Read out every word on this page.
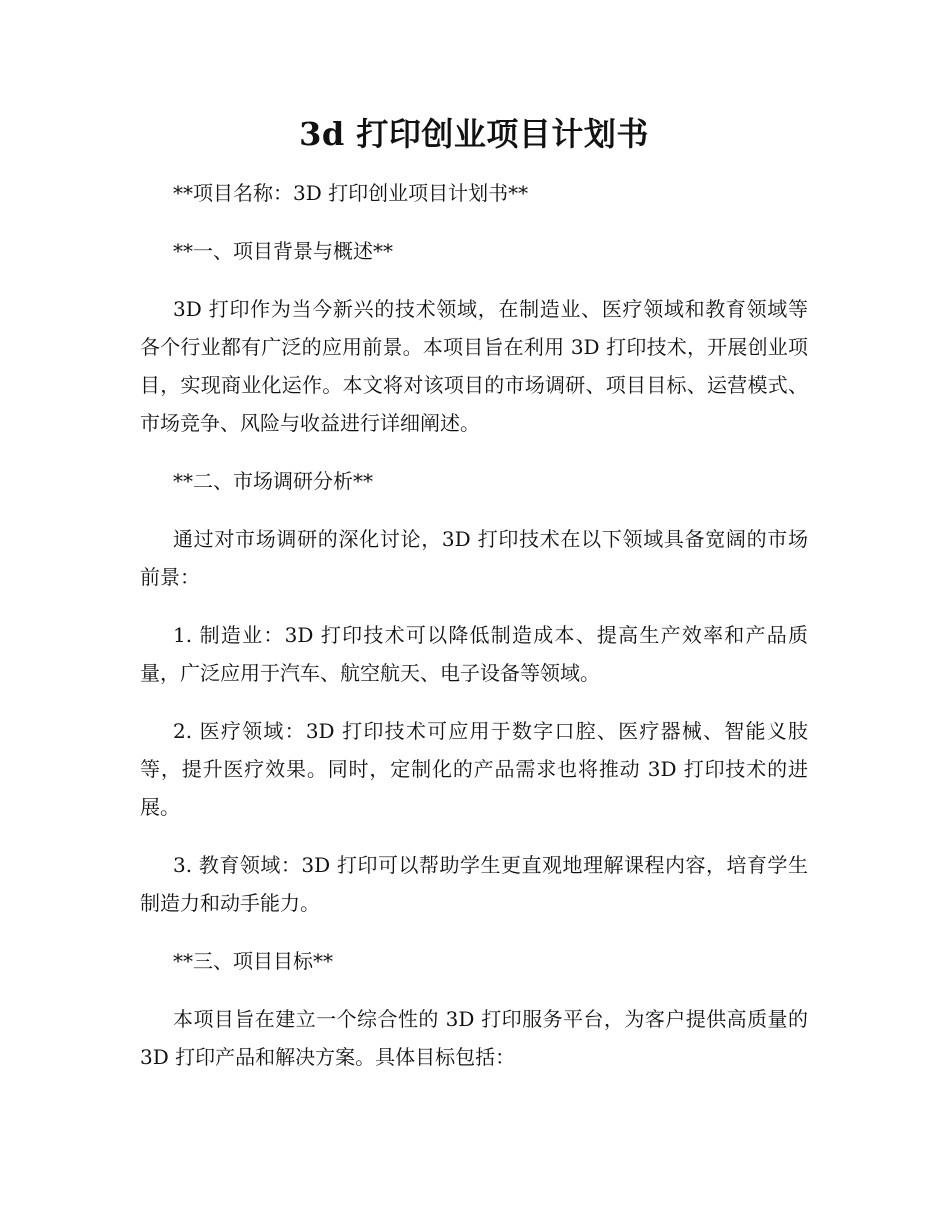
3d 打印创业项目计划书

**项目名称：3D 打印创业项目计划书**

**一、项目背景与概述**

3D 打印作为当今新兴的技术领域，在制造业、医疗领域和教育领域等各个行业都有广泛的应用前景。本项目旨在利用 3D 打印技术，开展创业项目，实现商业化运作。本文将对该项目的市场调研、项目目标、运营模式、市场竞争、风险与收益进行详细阐述。

**二、市场调研分析**

通过对市场调研的深化讨论，3D 打印技术在以下领域具备宽阔的市场前景：

1. 制造业：3D 打印技术可以降低制造成本、提高生产效率和产品质量，广泛应用于汽车、航空航天、电子设备等领域。

2. 医疗领域：3D 打印技术可应用于数字口腔、医疗器械、智能义肢等，提升医疗效果。同时，定制化的产品需求也将推动 3D 打印技术的进展。

3. 教育领域：3D 打印可以帮助学生更直观地理解课程内容，培育学生制造力和动手能力。

**三、项目目标**

本项目旨在建立一个综合性的 3D 打印服务平台，为客户提供高质量的 3D 打印产品和解决方案。具体目标包括：
